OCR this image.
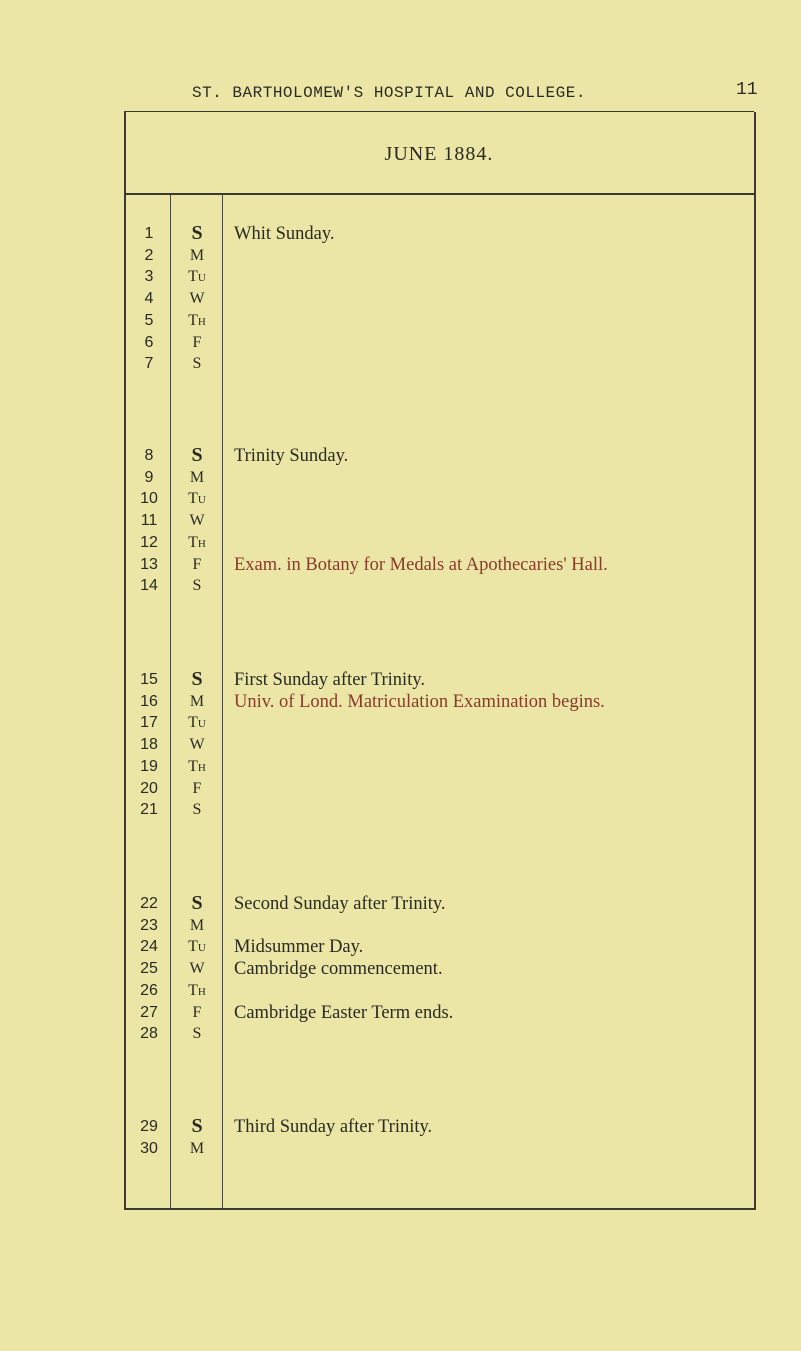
ST. BARTHOLOMEW'S HOSPITAL AND COLLEGE.	11
JUNE 1884.
1	S	Whit Sunday.
2	M
3	Tu
4	W
5	Th
6	F
7	S
8	S	Trinity Sunday.
9	M
10	Tu
11	W
12	Th
13	F	Exam. in Botany for Medals at Apothecaries' Hall.
14	S
15	S	First Sunday after Trinity.
16	M	Univ. of Lond. Matriculation Examination begins.
17	Tu
18	W
19	Th
20	F
21	S
22	S	Second Sunday after Trinity.
23	M
24	Tu	Midsummer Day.
25	W	Cambridge commencement.
26	Th
27	F	Cambridge Easter Term ends.
28	S
29	S	Third Sunday after Trinity.
30	M
